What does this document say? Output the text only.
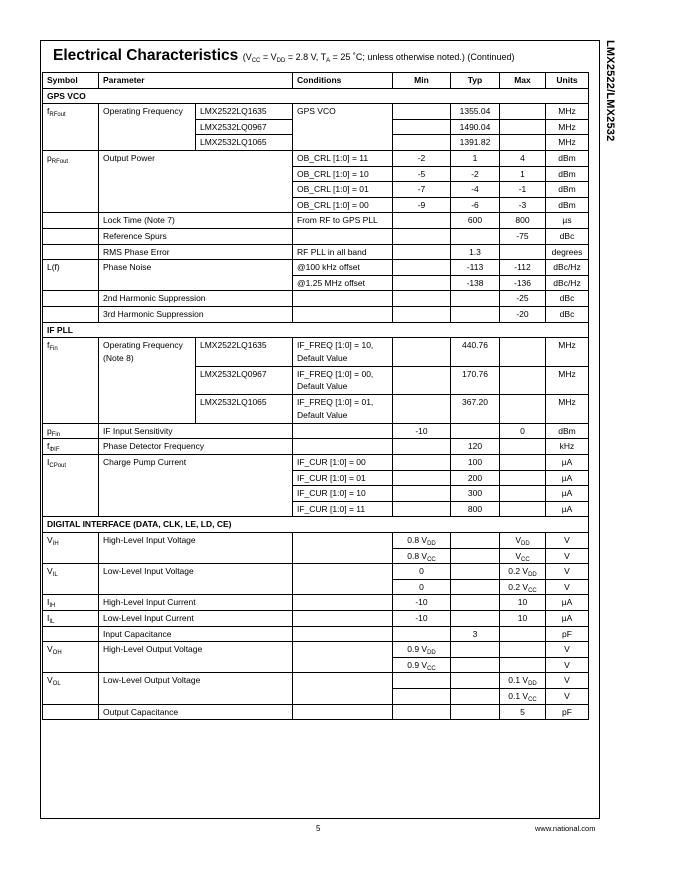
LMX2522/LMX2532
Electrical Characteristics ($V_{CC} = V_{DD} = 2.8$ V, $T_A = 25$ ˚C; unless otherwise noted.) (Continued)
Symbol	Parameter		Conditions	Min	Typ	Max	Units
GPS VCO							
$f_{RFout}$	Operating Frequency	LMX2522LQ1635	GPS VCO		1355.04		MHz
		LMX2532LQ0967			1490.04		MHz
		LMX2532LQ1065			1391.82		MHz
$p_{RFout}$	Output Power		OB_CRL [1:0] = 11	-2	1	4	dBm
			OB_CRL [1:0] = 10	-5	-2	1	dBm
			OB_CRL [1:0] = 01	-7	-4	-1	dBm
			OB_CRL [1:0] = 00	-9	-6	-3	dBm
	Lock Time (Note 7)		From RF to GPS PLL		600	800	µs
	Reference Spurs					-75	dBc
	RMS Phase Error		RF PLL in all band		1.3		degrees
L(f)	Phase Noise		@100 kHz offset		-113	-112	dBc/Hz
			@1.25 MHz offset		-138	-136	dBc/Hz
	2nd Harmonic Suppression					-25	dBc
	3rd Harmonic Suppression					-20	dBc
IF PLL							
$f_{Fin}$	Operating Frequency (Note 8)	LMX2522LQ1635	IF_FREQ [1:0] = 10, Default Value		440.76		MHz
		LMX2532LQ0967	IF_FREQ [1:0] = 00, Default Value		170.76		MHz
		LMX2532LQ1065	IF_FREQ [1:0] = 01, Default Value		367.20		MHz
$p_{Fin}$	IF Input Sensitivity			-10		0	dBm
$f_{\Phi IF}$	Phase Detector Frequency				120		kHz
$I_{CPout}$	Charge Pump Current		IF_CUR [1:0] = 00		100		µA
			IF_CUR [1:0] = 01		200		µA
			IF_CUR [1:0] = 10		300		µA
			IF_CUR [1:0] = 11		800		µA
DIGITAL INTERFACE (DATA, CLK, LE, LD, CE)							
$V_{IH}$	High-Level Input Voltage			0.8 $V_{DD}$		$V_{DD}$	V
				0.8 $V_{CC}$		$V_{CC}$	V
$V_{IL}$	Low-Level Input Voltage			0		0.2 $V_{DD}$	V
				0		0.2 $V_{CC}$	V
$I_{IH}$	High-Level Input Current			-10		10	µA
$I_{IL}$	Low-Level Input Current			-10		10	µA
	Input Capacitance				3		pF
$V_{OH}$	High-Level Output Voltage			0.9 $V_{DD}$			V
				0.9 $V_{CC}$			V
$V_{OL}$	Low-Level Output Voltage					0.1 $V_{DD}$	V
						0.1 $V_{CC}$	V
	Output Capacitance					5	pF
5	www.national.com
